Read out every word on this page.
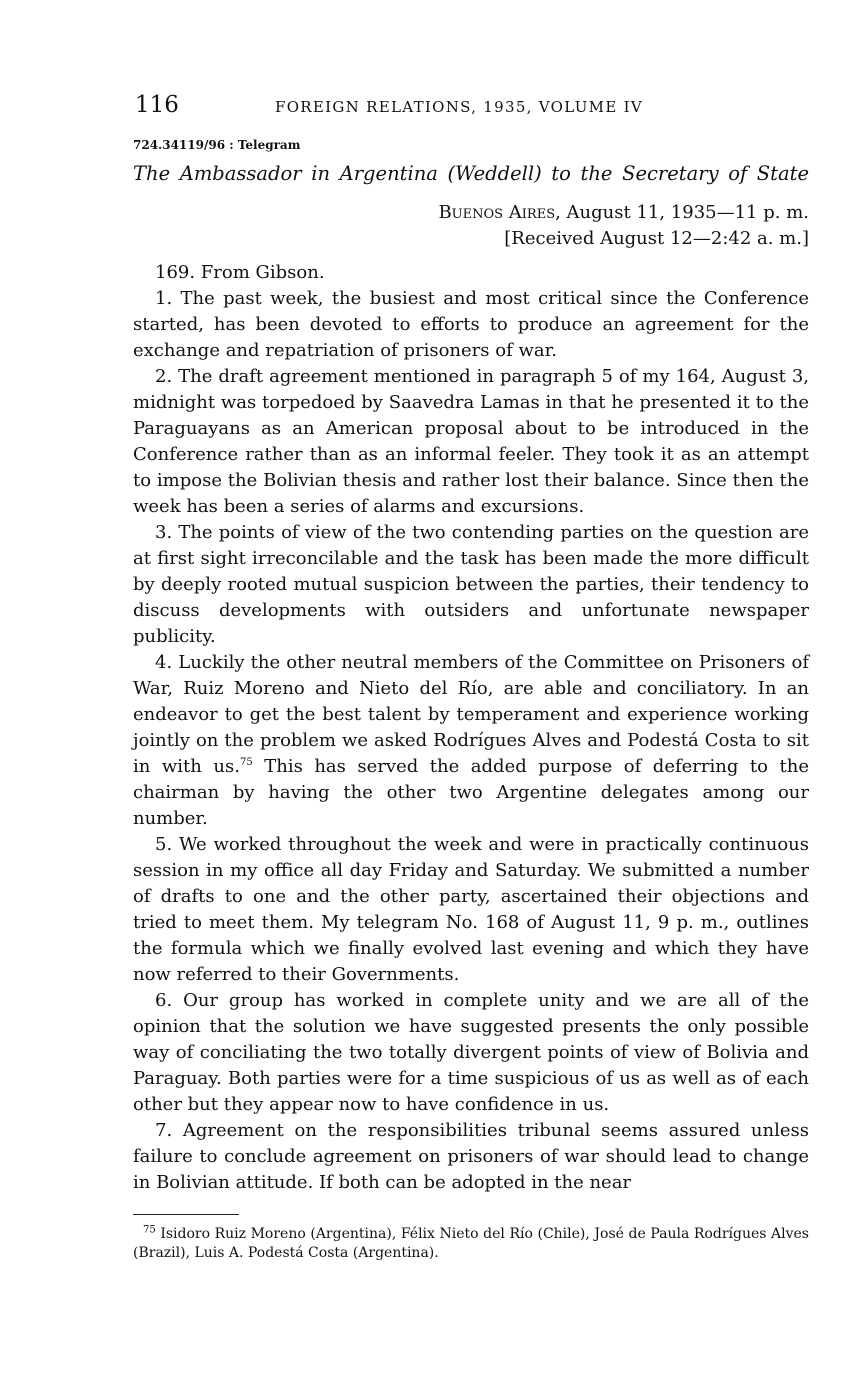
116	FOREIGN RELATIONS, 1935, VOLUME IV
724.34119/96 : Telegram
The Ambassador in Argentina (Weddell) to the Secretary of State
Buenos Aires, August 11, 1935—11 p. m.
[Received August 12—2:42 a. m.]

169. From Gibson.

1. The past week, the busiest and most critical since the Conference started, has been devoted to efforts to produce an agreement for the exchange and repatriation of prisoners of war.

2. The draft agreement mentioned in paragraph 5 of my 164, August 3, midnight was torpedoed by Saavedra Lamas in that he presented it to the Paraguayans as an American proposal about to be introduced in the Conference rather than as an informal feeler. They took it as an attempt to impose the Bolivian thesis and rather lost their balance. Since then the week has been a series of alarms and excursions.

3. The points of view of the two contending parties on the question are at first sight irreconcilable and the task has been made the more difficult by deeply rooted mutual suspicion between the parties, their tendency to discuss developments with outsiders and unfortunate newspaper publicity.

4. Luckily the other neutral members of the Committee on Prisoners of War, Ruiz Moreno and Nieto del Río, are able and conciliatory. In an endeavor to get the best talent by temperament and experience working jointly on the problem we asked Rodrígues Alves and Podestá Costa to sit in with us.$^{75}$ This has served the added purpose of deferring to the chairman by having the other two Argentine delegates among our number.

5. We worked throughout the week and were in practically continuous session in my office all day Friday and Saturday. We submitted a number of drafts to one and the other party, ascertained their objections and tried to meet them. My telegram No. 168 of August 11, 9 p. m., outlines the formula which we finally evolved last evening and which they have now referred to their Governments.

6. Our group has worked in complete unity and we are all of the opinion that the solution we have suggested presents the only possible way of conciliating the two totally divergent points of view of Bolivia and Paraguay. Both parties were for a time suspicious of us as well as of each other but they appear now to have confidence in us.

7. Agreement on the responsibilities tribunal seems assured unless failure to conclude agreement on prisoners of war should lead to change in Bolivian attitude. If both can be adopted in the near

$^{75}$ Isidoro Ruiz Moreno (Argentina), Félix Nieto del Río (Chile), José de Paula Rodrígues Alves (Brazil), Luis A. Podestá Costa (Argentina).
